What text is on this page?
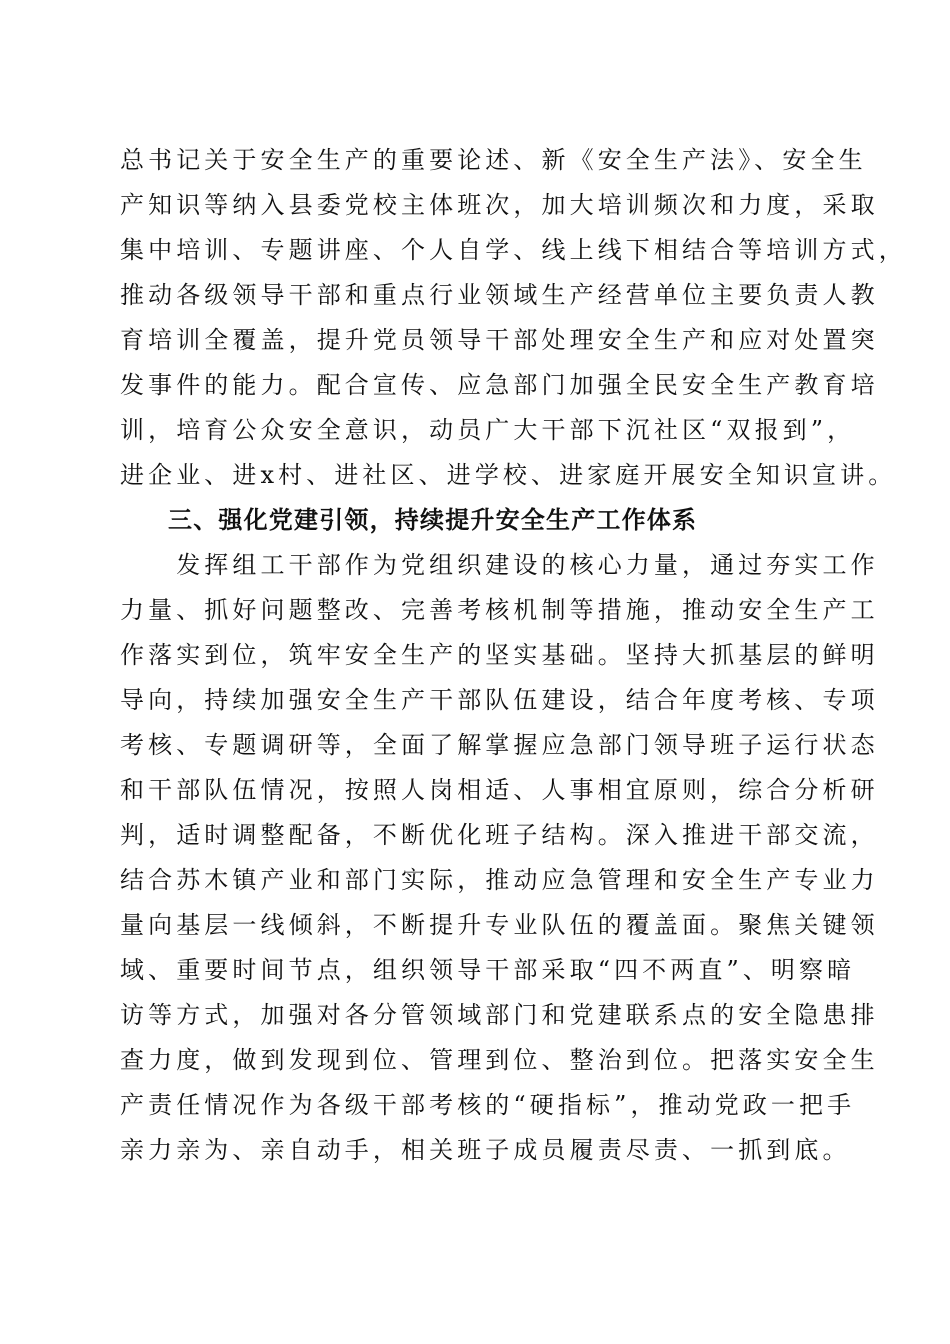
总书记关于安全生产的重要论述、新《安全生产法》、安全生
产知识等纳入县委党校主体班次，加大培训频次和力度，采取
集中培训、专题讲座、个人自学、线上线下相结合等培训方式，
推动各级领导干部和重点行业领域生产经营单位主要负责人教
育培训全覆盖，提升党员领导干部处理安全生产和应对处置突
发事件的能力。配合宣传、应急部门加强全民安全生产教育培
训，培育公众安全意识，动员广大干部下沉社区“双报到”，
进企业、进x村、进社区、进学校、进家庭开展安全知识宣讲。
三、强化党建引领，持续提升安全生产工作体系
　　发挥组工干部作为党组织建设的核心力量，通过夯实工作
力量、抓好问题整改、完善考核机制等措施，推动安全生产工
作落实到位，筑牢安全生产的坚实基础。坚持大抓基层的鲜明
导向，持续加强安全生产干部队伍建设，结合年度考核、专项
考核、专题调研等，全面了解掌握应急部门领导班子运行状态
和干部队伍情况，按照人岗相适、人事相宜原则，综合分析研
判，适时调整配备，不断优化班子结构。深入推进干部交流，
结合苏木镇产业和部门实际，推动应急管理和安全生产专业力
量向基层一线倾斜，不断提升专业队伍的覆盖面。聚焦关键领
域、重要时间节点，组织领导干部采取“四不两直”、明察暗
访等方式，加强对各分管领域部门和党建联系点的安全隐患排
查力度，做到发现到位、管理到位、整治到位。把落实安全生
产责任情况作为各级干部考核的“硬指标”，推动党政一把手
亲力亲为、亲自动手，相关班子成员履责尽责、一抓到底。
